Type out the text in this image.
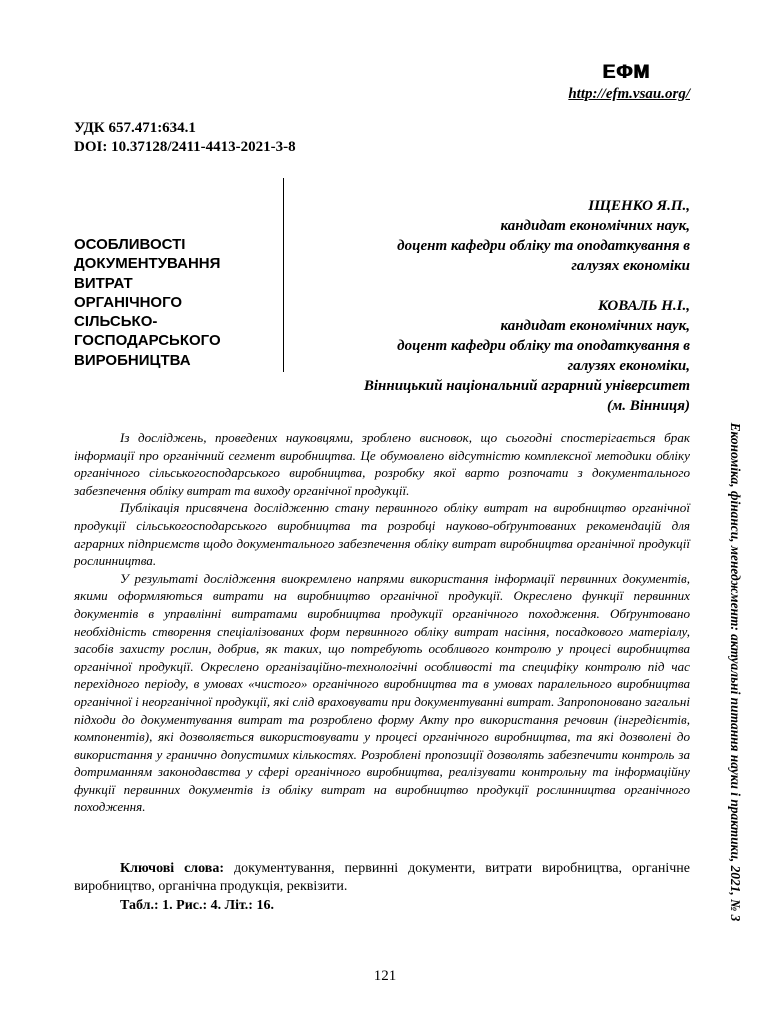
ЕФМ
http://efm.vsau.org/
УДК 657.471:634.1
DOI: 10.37128/2411-4413-2021-3-8
ОСОБЛИВОСТІ
ДОКУМЕНТУВАННЯ
ВИТРАТ
ОРГАНІЧНОГО
СІЛЬСЬКО-
ГОСПОДАРСЬКОГО
ВИРОБНИЦТВА
ІЩЕНКО Я.П.,
кандидат економічних наук,
доцент кафедри обліку та оподаткування в
галузях економіки
КОВАЛЬ Н.І.,
кандидат економічних наук,
доцент кафедри обліку та оподаткування в
галузях економіки,
Вінницький національний аграрний університет
(м. Вінниця)

Із досліджень, проведених науковцями, зроблено висновок, що сьогодні спостерігається брак інформації про органічний сегмент виробництва. Це обумовлено відсутністю комплексної методики обліку органічного сільськогосподарського виробництва, розробку якої варто розпочати з документального забезпечення обліку витрат та виходу органічної продукції.

Публікація присвячена дослідженню стану первинного обліку витрат на виробництво органічної продукції сільськогосподарського виробництва та розробці науково-обґрунтованих рекомендацій для аграрних підприємств щодо документального забезпечення обліку витрат виробництва органічної продукції рослинництва.

У результаті дослідження виокремлено напрями використання інформації первинних документів, якими оформляються витрати на виробництво органічної продукції. Окреслено функції первинних документів в управлінні витратами виробництва продукції органічного походження. Обґрунтовано необхідність створення спеціалізованих форм первинного обліку витрат насіння, посадкового матеріалу, засобів захисту рослин, добрив, як таких, що потребують особливого контролю у процесі виробництва органічної продукції. Окреслено організаційно-технологічні особливості та специфіку контролю під час перехідного періоду, в умовах «чистого» органічного виробництва та в умовах паралельного виробництва органічної і неорганічної продукції, які слід враховувати при документуванні витрат. Запропоновано загальні підходи до документування витрат та розроблено форму Акту про використання речовин (інгредієнтів, компонентів), які дозволяється використовувати у процесі органічного виробництва, та які дозволені до використання у гранично допустимих кількостях. Розроблені пропозиції дозволять забезпечити контроль за дотриманням законодавства у сфері органічного виробництва, реалізувати контрольну та інформаційну функції первинних документів із обліку витрат на виробництво продукції рослинництва органічного походження.

Ключові слова: документування, первинні документи, витрати виробництва, органічне виробництво, органічна продукція, реквізити.
Табл.: 1. Рис.: 4. Літ.: 16.
121
Економіка, фінанси, менеджмент: актуальні питання науки і практики, 2021, № 3
